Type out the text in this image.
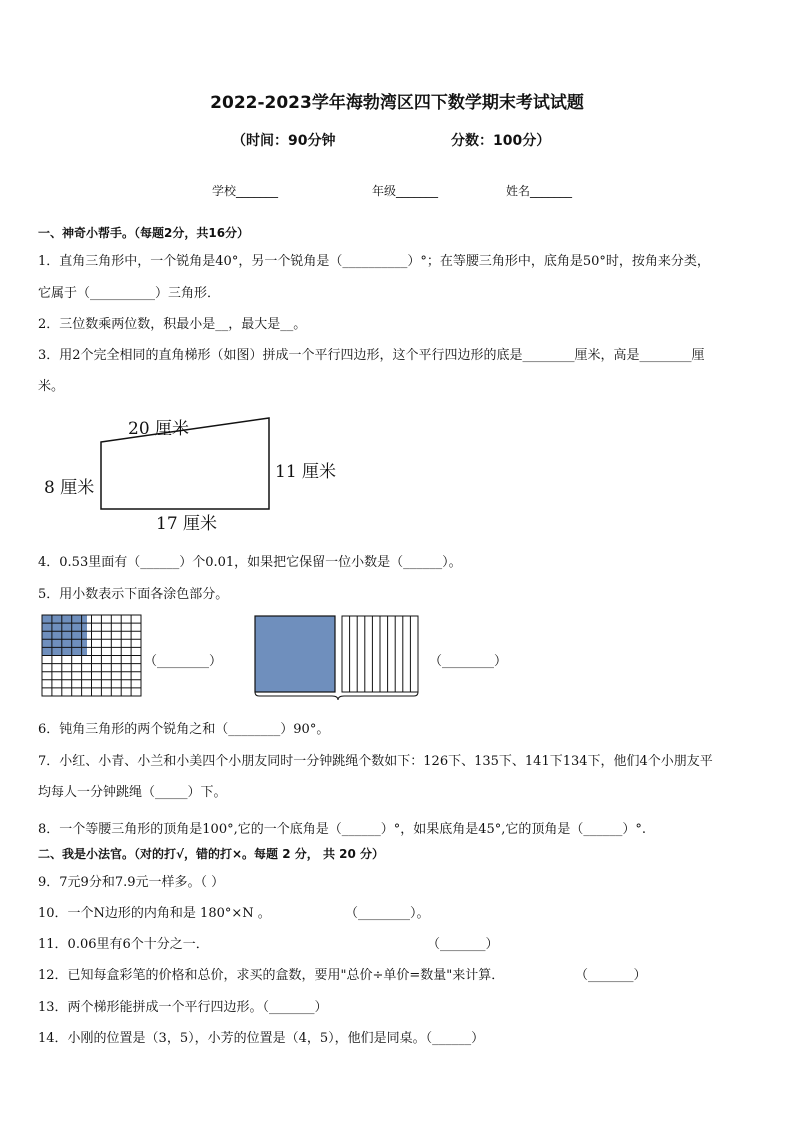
2022-2023学年海勃湾区四下数学期末考试试题
（时间：90分钟	分数：100分）
学校_______	年级_______	姓名_______
一、神奇小帮手。（每题2分，共16分）
1．直角三角形中，一个锐角是40°，另一个锐角是（__________）°；在等腰三角形中，底角是50°时，按角来分类，
它属于（__________）三角形．
2．三位数乘两位数，积最小是__，最大是__。
3．用2个完全相同的直角梯形（如图）拼成一个平行四边形，这个平行四边形的底是________厘米，高是________厘
米。
20 厘米
8 厘米
11 厘米
17 厘米
4．0.53里面有（______）个0.01，如果把它保留一位小数是（______）。
5．用小数表示下面各涂色部分。
（________）	（________）
6．钝角三角形的两个锐角之和（________）90°。
7．小红、小青、小兰和小美四个小朋友同时一分钟跳绳个数如下：126下、135下、141下134下，他们4个小朋友平
均每人一分钟跳绳（_____）下。
8．一个等腰三角形的顶角是100°,它的一个底角是（______）°，如果底角是45°,它的顶角是（______）°.
二、我是小法官。（对的打√，错的打×。每题 2 分， 共 20 分）
9．7元9分和7.9元一样多。（ ）
10．一个N边形的内角和是 180°×N 。	（________）。
11．0.06里有6个十分之一．	（_______）
12．已知每盒彩笔的价格和总价，求买的盒数，要用"总价÷单价=数量"来计算．	（_______）
13．两个梯形能拼成一个平行四边形。（_______）
14．小刚的位置是（3，5），小芳的位置是（4，5），他们是同桌。（______）
